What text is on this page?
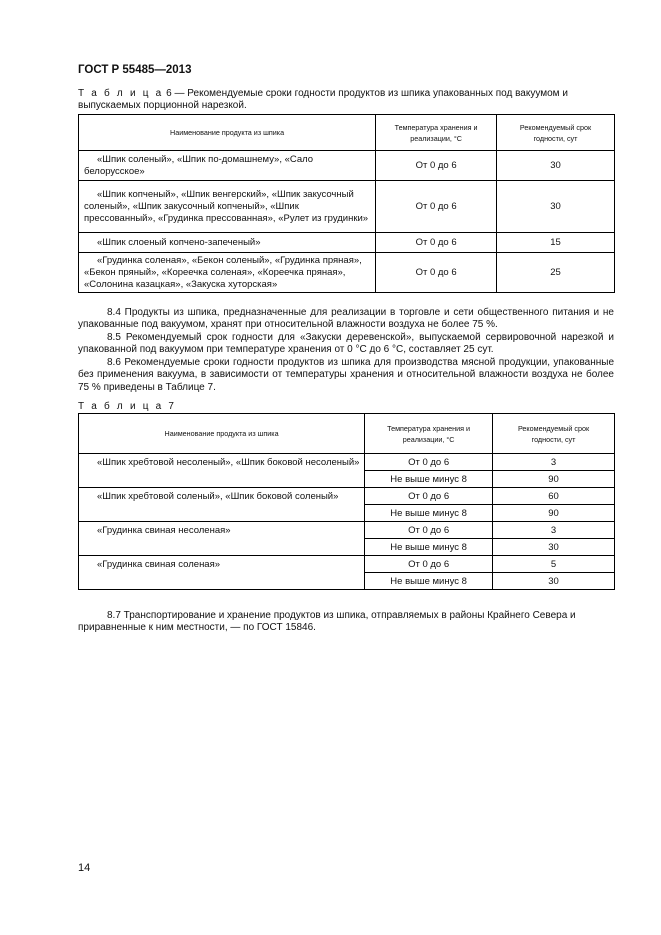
ГОСТ Р 55485—2013
Т а б л и ц а 6 — Рекомендуемые сроки годности продуктов из шпика упакованных под вакуумом и выпускаемых порционной нарезкой.
Наименование продукта из шпика	Температура хранения и реализации, °C	Рекомендуемый срок годности, сут
«Шпик соленый», «Шпик по-домашнему», «Сало белорусское»	От 0 до 6	30
«Шпик копченый», «Шпик венгерский», «Шпик закусочный соленый», «Шпик закусочный копченый», «Шпик прессованный», «Грудинка прессованная», «Рулет из грудинки»	От 0 до 6	30
«Шпик слоеный копчено-запеченый»	От 0 до 6	15
«Грудинка соленая», «Бекон соленый», «Грудинка пряная», «Бекон пряный», «Кореечка соленая», «Кореечка пряная», «Солонина казацкая», «Закуска хуторская»	От 0 до 6	25
8.4 Продукты из шпика, предназначенные для реализации в торговле и сети общественного питания и не упакованные под вакуумом, хранят при относительной влажности воздуха не более 75 %.
8.5 Рекомендуемый срок годности для «Закуски деревенской», выпускаемой сервировочной нарезкой и упакованной под вакуумом при температуре хранения от 0 °C до 6 °C, составляет 25 сут.
8.6 Рекомендуемые сроки годности продуктов из шпика для производства мясной продукции, упакованные без применения вакуума, в зависимости от температуры хранения и относительной влажности воздуха не более 75 % приведены в Таблице 7.
Т а б л и ц а 7
Наименование продукта из шпика	Температура хранения и реализации, °C	Рекомендуемый срок годности, сут
«Шпик хребтовой несоленый», «Шпик боковой несоленый»	От 0 до 6	3
	Не выше минус 8	90
«Шпик хребтовой соленый», «Шпик боковой соленый»	От 0 до 6	60
	Не выше минус 8	90
«Грудинка свиная несоленая»	От 0 до 6	3
	Не выше минус 8	30
«Грудинка свиная соленая»	От 0 до 6	5
	Не выше минус 8	30
8.7 Транспортирование и хранение продуктов из шпика, отправляемых в районы Крайнего Севера и приравненные к ним местности, — по ГОСТ 15846.
14
